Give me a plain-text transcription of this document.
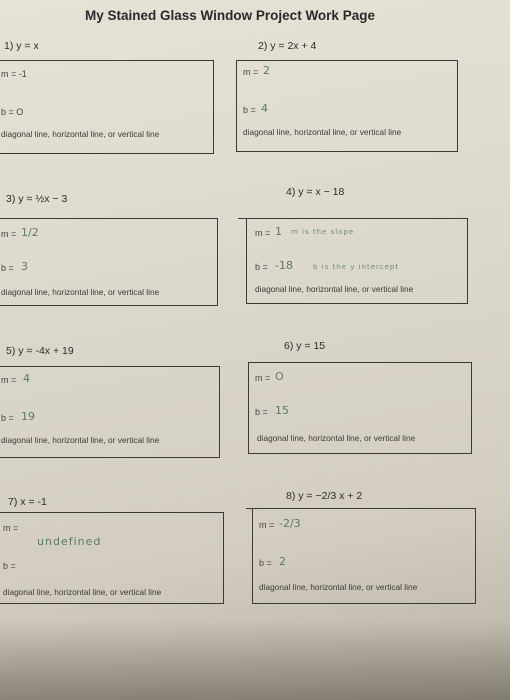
My Stained Glass Window Project Work Page
1) y = x
m = -1
b = O
diagonal line, horizontal line, or vertical line
2) y = 2x + 4
m = 2
b = 4
diagonal line, horizontal line, or vertical line
3) y = ½x − 3
m = 1/2
b = 3
diagonal line, horizontal line, or vertical line
4) y = x − 18
m = 1 m is the slope
b = -18	b is the y intercept
diagonal line, horizontal line, or vertical line
5) y = -4x + 19
m = 4
b = 19
diagonal line, horizontal line, or vertical line
6) y = 15
m = O
b = 15
diagonal line, horizontal line, or vertical line
7) x = -1
m =
undefined
b =
diagonal line, horizontal line, or vertical line
8) y = −2/3 x + 2
m = -2/3
b = 2
diagonal line, horizontal line, or vertical line
